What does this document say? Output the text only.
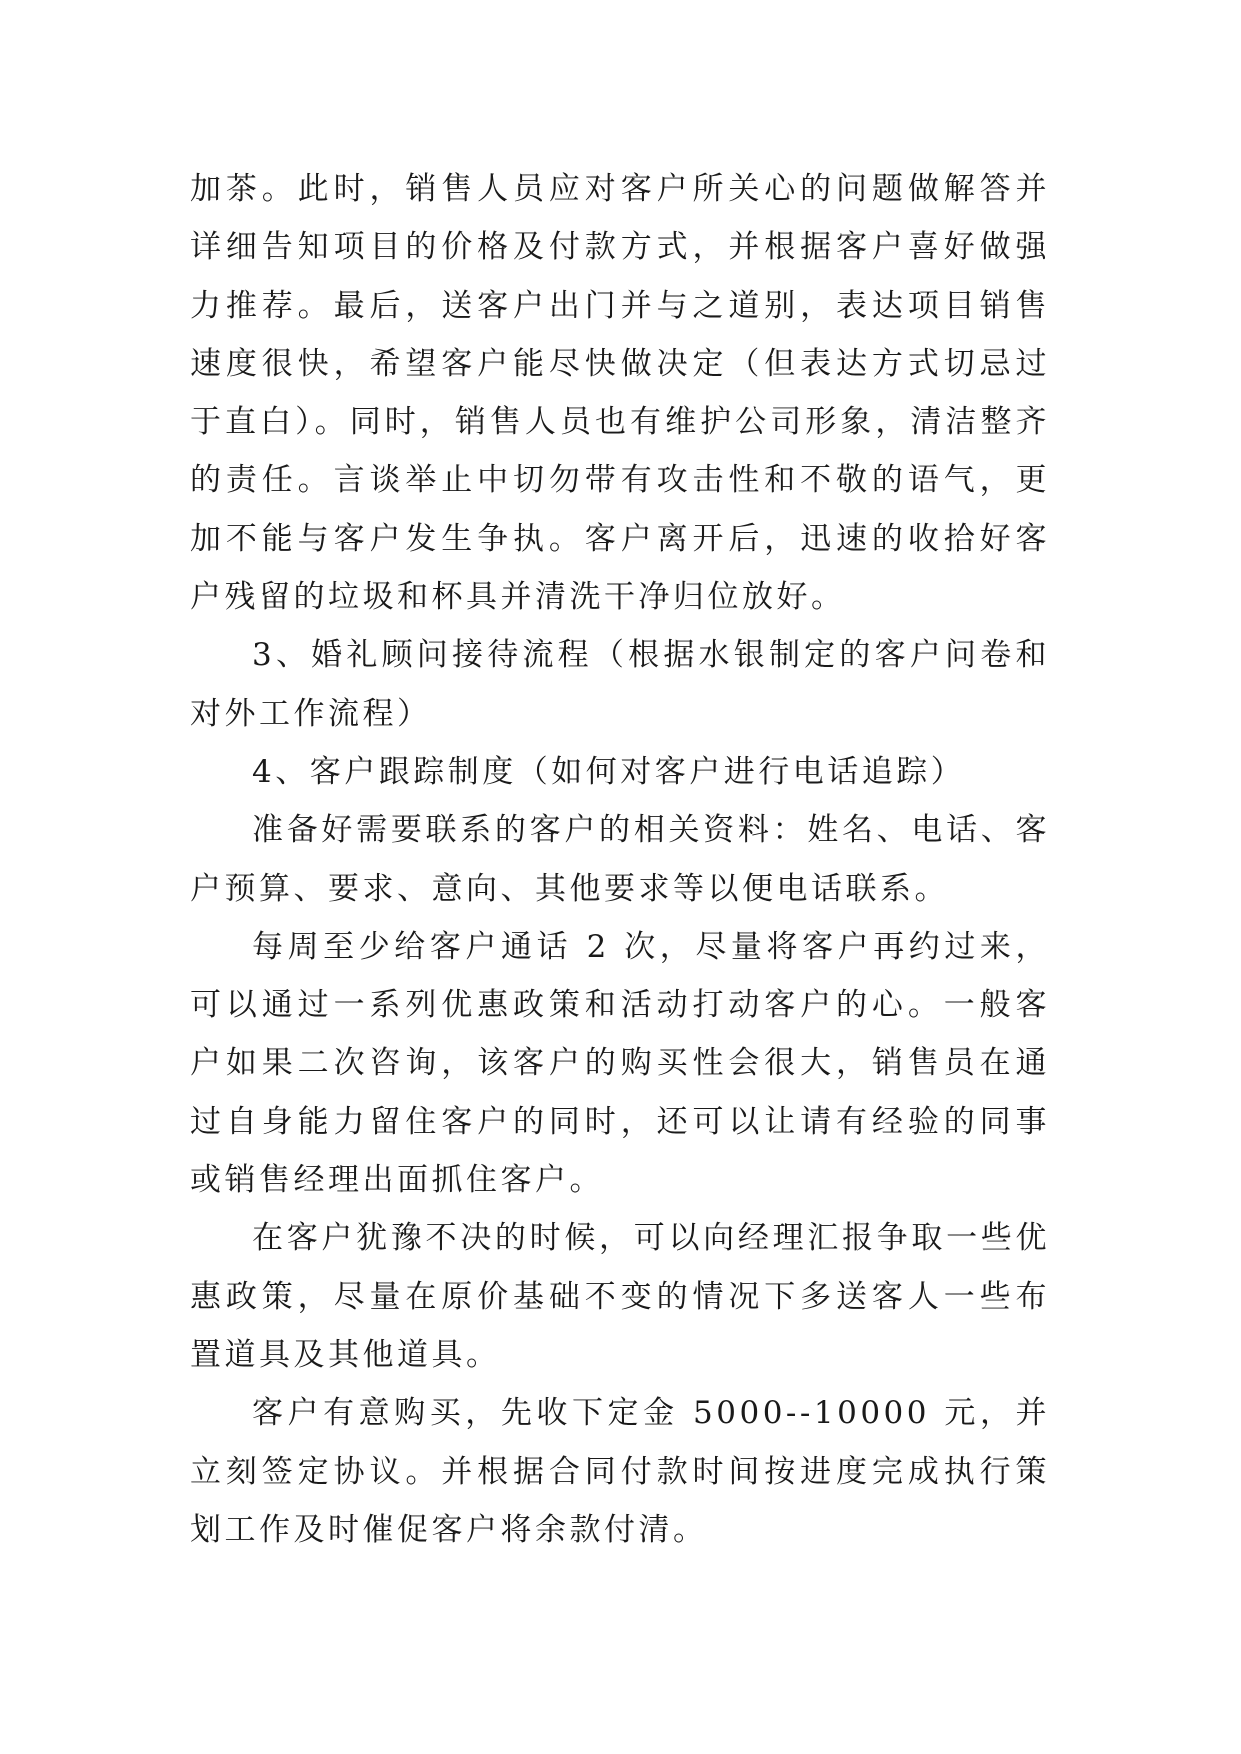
加茶。此时，销售人员应对客户所关心的问题做解答并详细告知项目的价格及付款方式，并根据客户喜好做强力推荐。最后，送客户出门并与之道别，表达项目销售速度很快，希望客户能尽快做决定（但表达方式切忌过于直白）。同时，销售人员也有维护公司形象，清洁整齐的责任。言谈举止中切勿带有攻击性和不敬的语气，更加不能与客户发生争执。客户离开后，迅速的收拾好客户残留的垃圾和杯具并清洗干净归位放好。

3、婚礼顾问接待流程（根据水银制定的客户问卷和对外工作流程）

4、客户跟踪制度（如何对客户进行电话追踪）

准备好需要联系的客户的相关资料：姓名、电话、客户预算、要求、意向、其他要求等以便电话联系。

每周至少给客户通话 2 次，尽量将客户再约过来，可以通过一系列优惠政策和活动打动客户的心。一般客户如果二次咨询，该客户的购买性会很大，销售员在通过自身能力留住客户的同时，还可以让请有经验的同事或销售经理出面抓住客户。

在客户犹豫不决的时候，可以向经理汇报争取一些优惠政策，尽量在原价基础不变的情况下多送客人一些布置道具及其他道具。

客户有意购买，先收下定金 5000--10000 元，并立刻签定协议。并根据合同付款时间按进度完成执行策划工作及时催促客户将余款付清。
